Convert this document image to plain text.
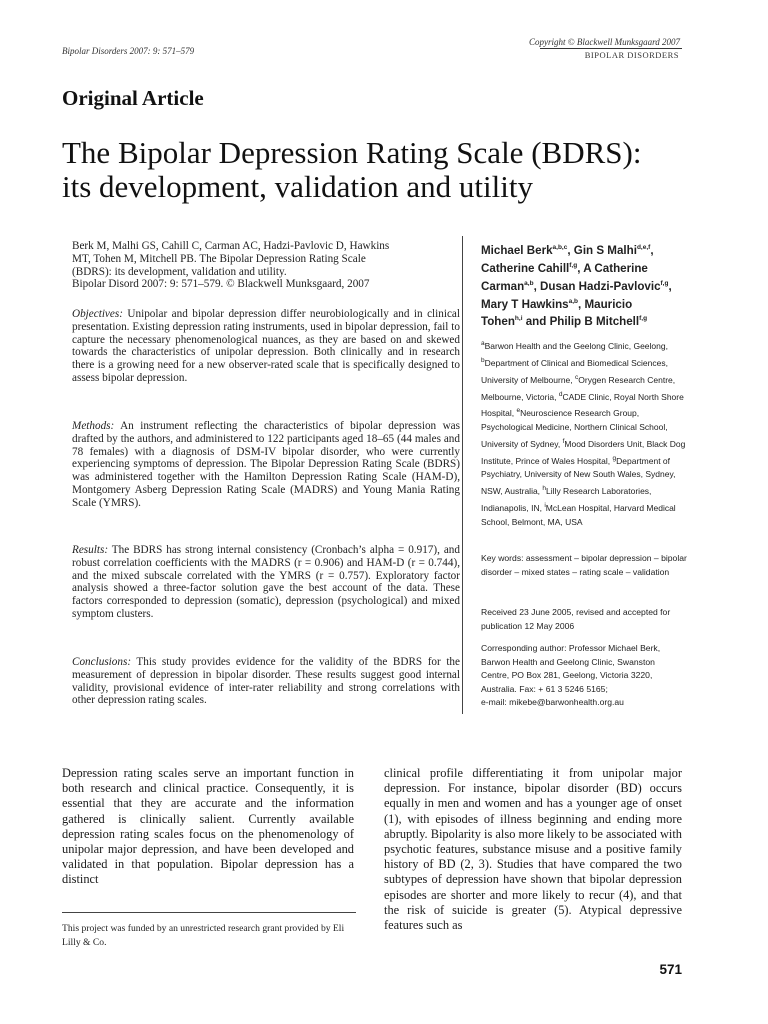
Bipolar Disorders 2007: 9: 571–579
Copyright © Blackwell Munksgaard 2007
BIPOLAR DISORDERS
Original Article
The Bipolar Depression Rating Scale (BDRS):
its development, validation and utility
Berk M, Malhi GS, Cahill C, Carman AC, Hadzi-Pavlovic D, Hawkins
MT, Tohen M, Mitchell PB. The Bipolar Depression Rating Scale
(BDRS): its development, validation and utility.
Bipolar Disord 2007: 9: 571–579. © Blackwell Munksgaard, 2007
Objectives: Unipolar and bipolar depression differ neurobiologically and in clinical presentation. Existing depression rating instruments, used in bipolar depression, fail to capture the necessary phenomenological nuances, as they are based on and skewed towards the characteristics of unipolar depression. Both clinically and in research there is a growing need for a new observer-rated scale that is specifically designed to assess bipolar depression.
Methods: An instrument reflecting the characteristics of bipolar depression was drafted by the authors, and administered to 122 participants aged 18–65 (44 males and 78 females) with a diagnosis of DSM-IV bipolar disorder, who were currently experiencing symptoms of depression. The Bipolar Depression Rating Scale (BDRS) was administered together with the Hamilton Depression Rating Scale (HAM-D), Montgomery Asberg Depression Rating Scale (MADRS) and Young Mania Rating Scale (YMRS).
Results: The BDRS has strong internal consistency (Cronbach’s alpha = 0.917), and robust correlation coefficients with the MADRS (r = 0.906) and HAM-D (r = 0.744), and the mixed subscale correlated with the YMRS (r = 0.757). Exploratory factor analysis showed a three-factor solution gave the best account of the data. These factors corresponded to depression (somatic), depression (psychological) and mixed symptom clusters.
Conclusions: This study provides evidence for the validity of the BDRS for the measurement of depression in bipolar disorder. These results suggest good internal validity, provisional evidence of inter-rater reliability and strong correlations with other depression rating scales.
Michael Berk$^{a,b,c}$, Gin S Malhi$^{d,e,f}$,
Catherine Cahill$^{f,g}$, A Catherine
Carman$^{a,b}$, Dusan Hadzi-Pavlovic$^{f,g}$,
Mary T Hawkins$^{a,b}$, Mauricio
Tohen$^{h,i}$ and Philip B Mitchell$^{f,g}$
$^a$Barwon Health and the Geelong Clinic, Geelong, $^b$Department of Clinical and Biomedical Sciences, University of Melbourne, $^c$Orygen Research Centre, Melbourne, Victoria, $^d$CADE Clinic, Royal North Shore Hospital, $^e$Neuroscience Research Group, Psychological Medicine, Northern Clinical School, University of Sydney, $^f$Mood Disorders Unit, Black Dog Institute, Prince of Wales Hospital, $^g$Department of Psychiatry, University of New South Wales, Sydney, NSW, Australia, $^h$Lilly Research Laboratories, Indianapolis, IN, $^i$McLean Hospital, Harvard Medical School, Belmont, MA, USA
Key words: assessment – bipolar depression – bipolar disorder – mixed states – rating scale – validation
Received 23 June 2005, revised and accepted for publication 12 May 2006
Corresponding author: Professor Michael Berk,
Barwon Health and Geelong Clinic, Swanston
Centre, PO Box 281, Geelong, Victoria 3220,
Australia. Fax: + 61 3 5246 5165;
e-mail: mikebe@barwonhealth.org.au
Depression rating scales serve an important function in both research and clinical practice. Consequently, it is essential that they are accurate and the information gathered is clinically salient. Currently available depression rating scales focus on the phenomenology of unipolar major depression, and have been developed and validated in that population. Bipolar depression has a distinct
clinical profile differentiating it from unipolar major depression. For instance, bipolar disorder (BD) occurs equally in men and women and has a younger age of onset (1), with episodes of illness beginning and ending more abruptly. Bipolarity is also more likely to be associated with psychotic features, substance misuse and a positive family history of BD (2, 3). Studies that have compared the two subtypes of depression have shown that bipolar depression episodes are shorter and more likely to recur (4), and that the risk of suicide is greater (5). Atypical depressive features such as
This project was funded by an unrestricted research grant provided by Eli Lilly & Co.
571
